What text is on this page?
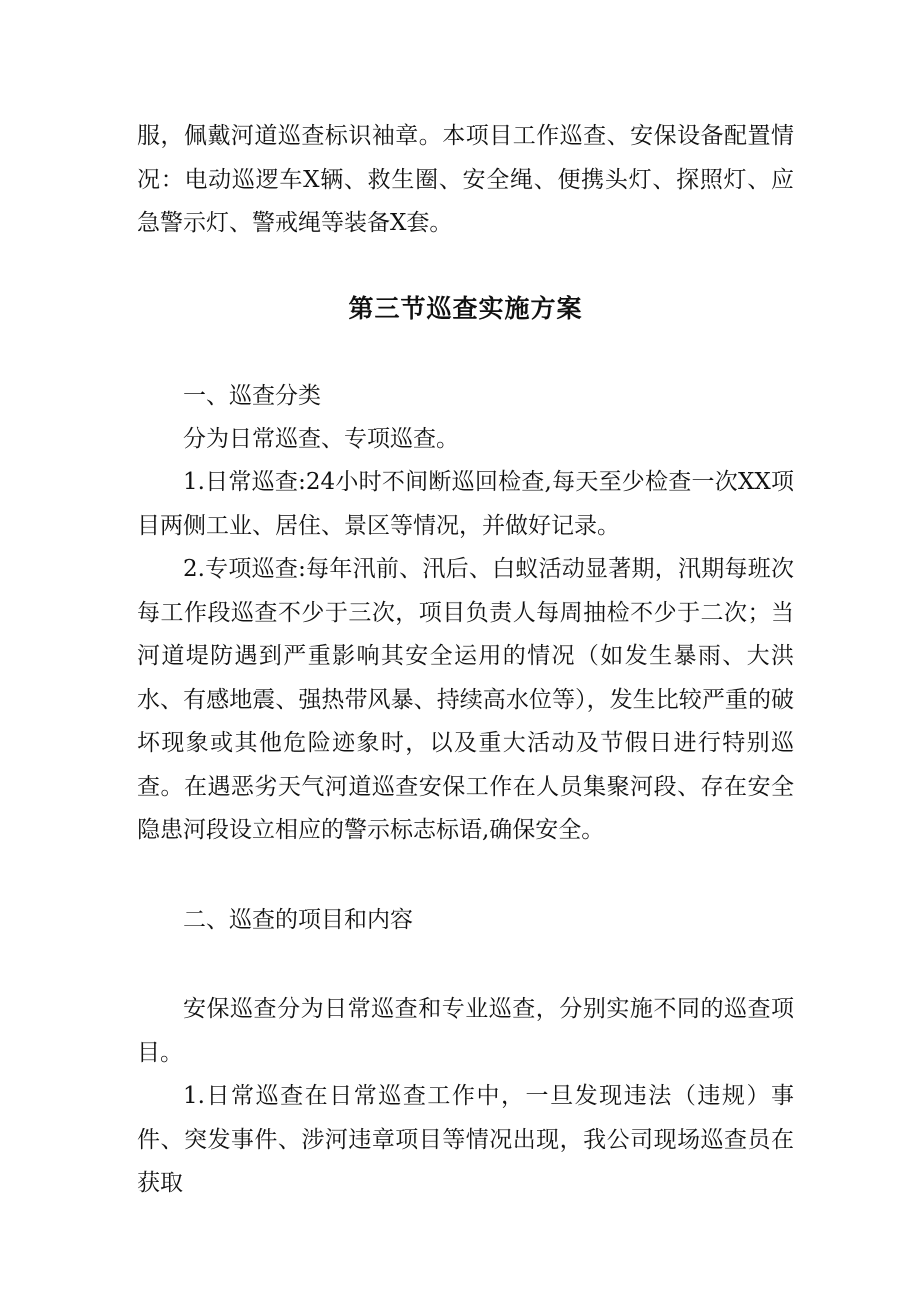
服，佩戴河道巡查标识袖章。本项目工作巡查、安保设备配置情况：电动巡逻车X辆、救生圈、安全绳、便携头灯、探照灯、应急警示灯、警戒绳等装备X套。

第三节巡查实施方案
一、巡查分类

分为日常巡查、专项巡查。

1.日常巡查:24小时不间断巡回检查,每天至少检查一次XX项目两侧工业、居住、景区等情况，并做好记录。

2.专项巡查:每年汛前、汛后、白蚁活动显著期，汛期每班次每工作段巡查不少于三次，项目负责人每周抽检不少于二次；当河道堤防遇到严重影响其安全运用的情况（如发生暴雨、大洪水、有感地震、强热带风暴、持续高水位等），发生比较严重的破坏现象或其他危险迹象时，以及重大活动及节假日进行特别巡查。在遇恶劣天气河道巡查安保工作在人员集聚河段、存在安全隐患河段设立相应的警示标志标语,确保安全。

二、巡查的项目和内容

安保巡查分为日常巡查和专业巡查，分别实施不同的巡查项目。

1.日常巡查在日常巡查工作中，一旦发现违法（违规）事件、突发事件、涉河违章项目等情况出现，我公司现场巡查员在获取
